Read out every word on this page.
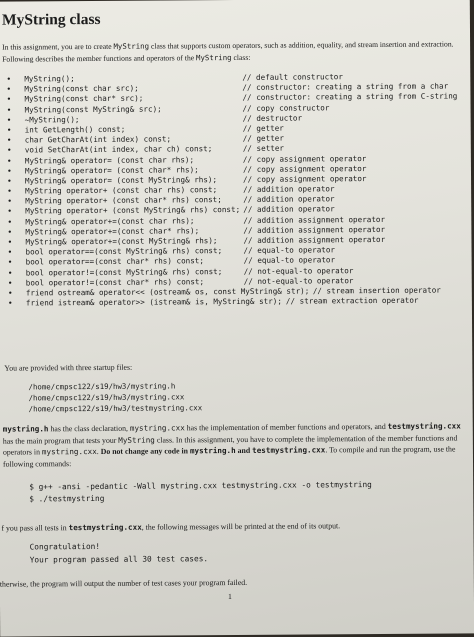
MyString class
In this assignment, you are to create MyString class that supports custom operators, such as addition, equality, and stream insertion and extraction. Following describes the member functions and operators of the MyString class:
• MyString();	// default constructor
• MyString(const char src);	// constructor: creating a string from a char
• MyString(const char* src);	// constructor: creating a string from C-string
• MyString(const MyString& src);	// copy constructor
• ~MyString();	// destructor
• int GetLength() const;	// getter
• char GetCharAt(int index) const;	// getter
• void SetCharAt(int index, char ch) const;	// setter
• MyString& operator= (const char rhs);	// copy assignment operator
• MyString& operator= (const char* rhs);	// copy assignment operator
• MyString& operator= (const MyString& rhs);	// copy assignment operator
• MyString operator+ (const char rhs) const;	// addition operator
• MyString operator+ (const char* rhs) const;	// addition operator
• MyString operator+ (const MyString& rhs) const; // addition operator
• MyString& operator+=(const char rhs);	// addition assignment operator
• MyString& operator+=(const char* rhs);	// addition assignment operator
• MyString& operator+=(const MyString& rhs);	// addition assignment operator
• bool operator==(const MyString& rhs) const;	// equal-to operator
• bool operator==(const char* rhs) const;	// equal-to operator
• bool operator!=(const MyString& rhs) const;	// not-equal-to operator
• bool operator!=(const char* rhs) const;	// not-equal-to operator
• friend ostream& operator<< (ostream& os, const MyString& str); // stream insertion operator
• friend istream& operator>> (istream& is, MyString& str); // stream extraction operator
You are provided with three startup files:
/home/cmpsc122/s19/hw3/mystring.h
/home/cmpsc122/s19/hw3/mystring.cxx
/home/cmpsc122/s19/hw3/testmystring.cxx
mystring.h has the class declaration, mystring.cxx has the implementation of member functions and operators, and testmystring.cxx has the main program that tests your MyString class. In this assignment, you have to complete the implementation of the member functions and operators in mystring.cxx. Do not change any code in mystring.h and testmystring.cxx. To compile and run the program, use the following commands:
$ g++ -ansi -pedantic -Wall mystring.cxx testmystring.cxx -o testmystring
$ ./testmystring
f you pass all tests in testmystring.cxx, the following messages will be printed at the end of its output.
Congratulation!
Your program passed all 30 test cases.
therwise, the program will output the number of test cases your program failed.
1
